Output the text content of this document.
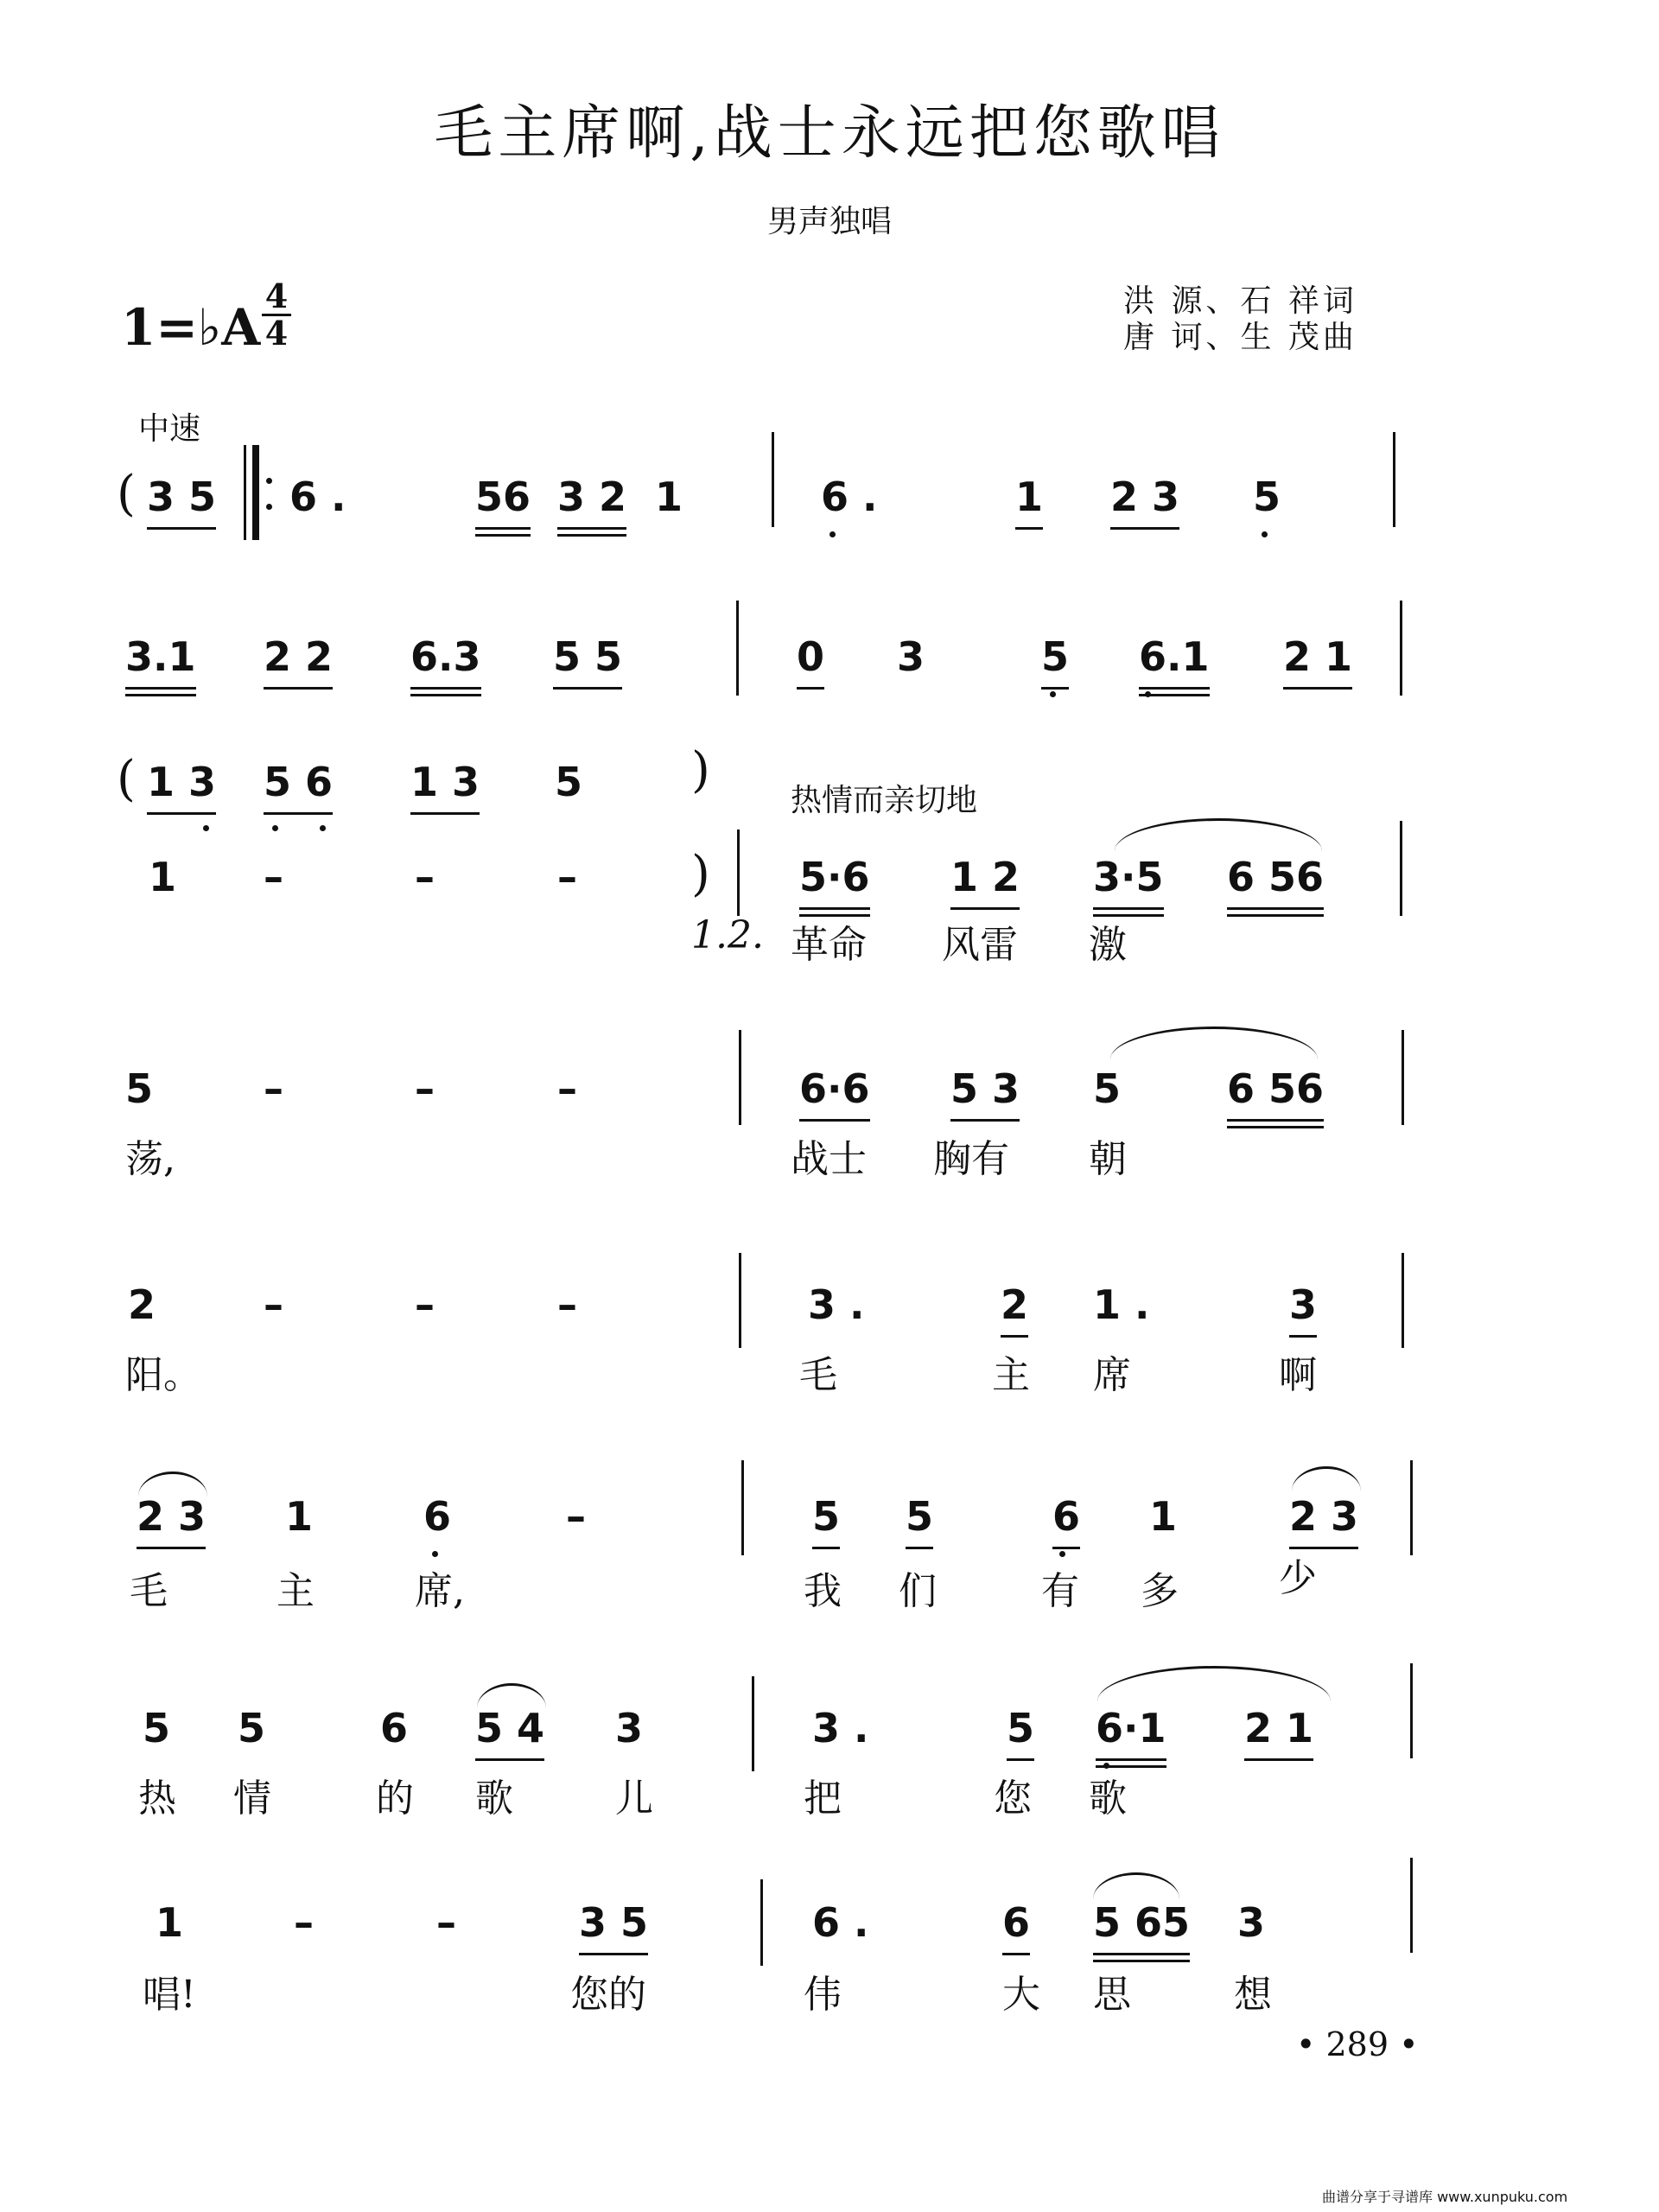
毛主席啊,战士永远把您歌唱
男声独唱
1=♭A
4
4
洪 源、石 祥词
唐 诃、生 茂曲
中速
( 3 5 6 .	56 3 2 1	6 .	1 2 3 5
3.1 2 2 6.3 5 5	0 3	5 6.1 2 1
( 1 3 5 6 1 3 5 )
热情而亲切地
1 –	–	– ) 5·6 1 2 3·5 6 56
1.2. 革命 风雷 激
5	–	–	–	6·6 5 3 5	6 56
荡,	战士 胸有 朝
2	–	–	–	3 .	2 1 .	3
阳。	毛	主 席	啊
2 3 1	6	–	5 5	6 1	2 3
毛	主	席,	我 们	有 多	少
5 5	6 5 4 3	3 .	5 6·1 2 1
热 情	的 歌	儿	把	您 歌
1	–	–	3 5	6 .	6 5 65 3
唱!	您的	伟	大 思	想
• 289 •
曲谱分享于寻谱库 www.xunpuku.com
